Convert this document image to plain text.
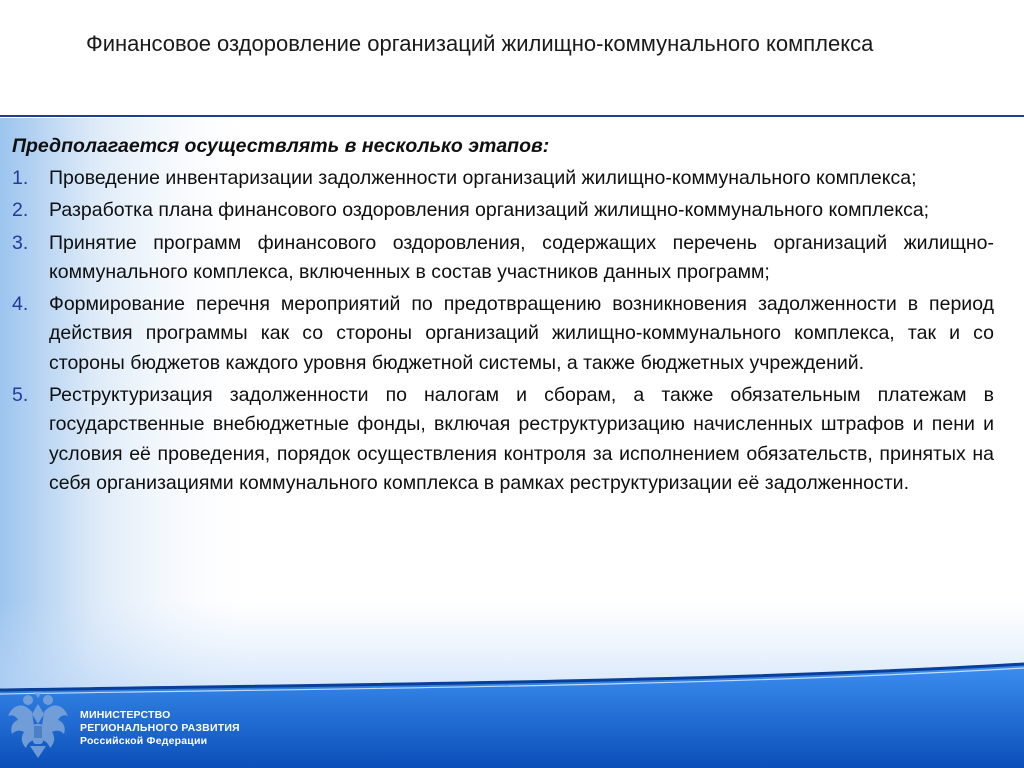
Финансовое оздоровление организаций жилищно-коммунального комплекса

Предполагается осуществлять в несколько этапов:

1. Проведение инвентаризации задолженности организаций жилищно-коммунального комплекса;
2. Разработка плана финансового оздоровления организаций жилищно-коммунального комплекса;
3. Принятие программ финансового оздоровления, содержащих перечень организаций жилищно-коммунального комплекса, включенных в состав участников данных программ;
4. Формирование перечня мероприятий по предотвращению возникновения задолженности в период действия программы как со стороны организаций жилищно-коммунального комплекса, так и со стороны бюджетов каждого уровня бюджетной системы, а также бюджетных учреждений.
5. Реструктуризация задолженности по налогам и сборам, а также обязательным платежам в государственные внебюджетные фонды, включая реструктуризацию начисленных штрафов и пени и условия её проведения, порядок осуществления контроля за исполнением обязательств, принятых на себя организациями коммунального комплекса в рамках реструктуризации её задолженности.
МИНИСТЕРСТВО
РЕГИОНАЛЬНОГО РАЗВИТИЯ
Российской Федерации
